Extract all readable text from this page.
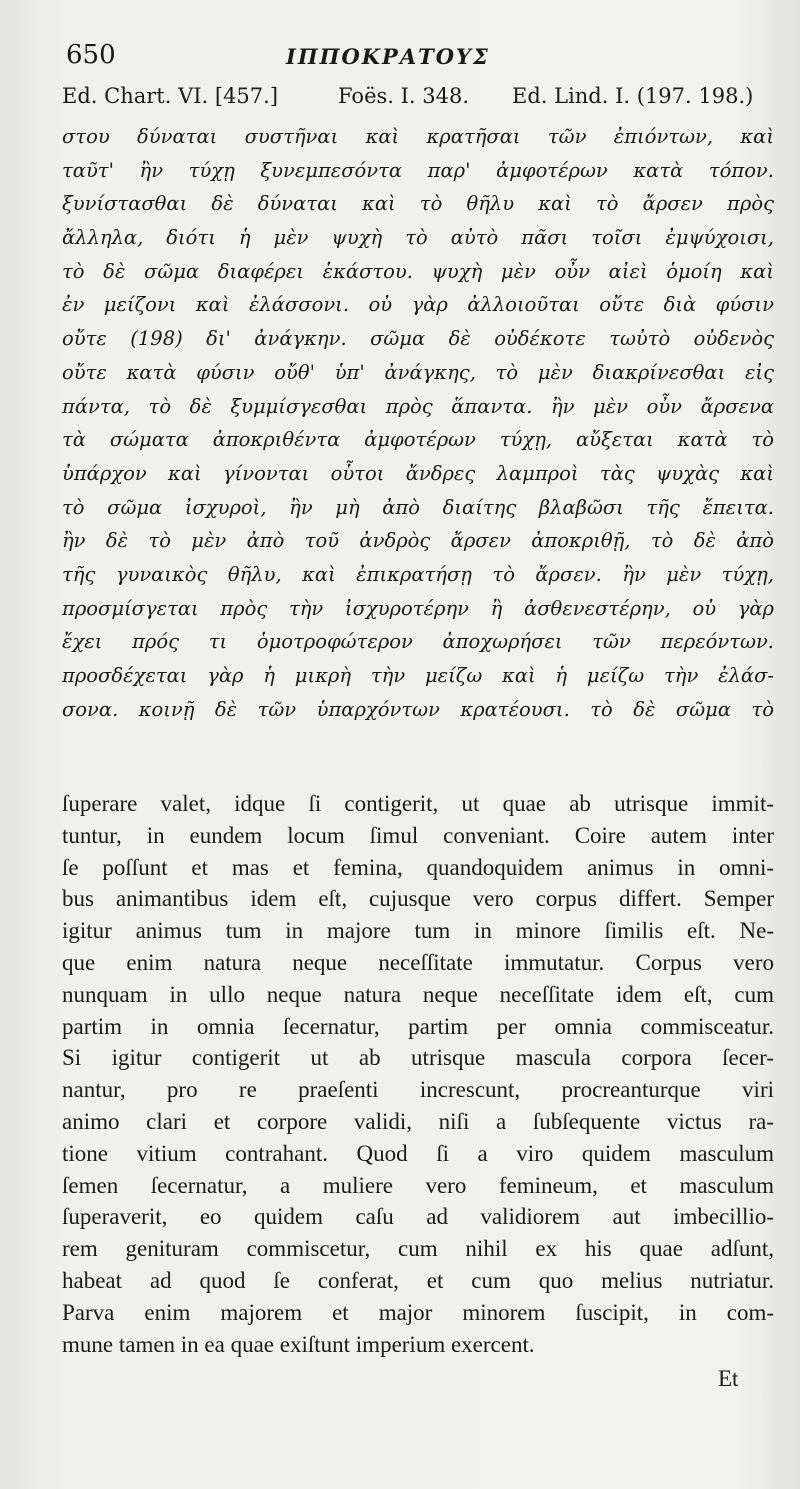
650	ΙΠΠΟΚΡΑΤΟΥΣ
Ed. Chart. VI. [457.]	Foës. I. 348. Ed. Lind. I. (197. 198.)
στου δύναται συστῆναι καὶ κρατῆσαι τῶν ἐπιόντων, καὶ
ταῦτ' ἢν τύχῃ ξυνεμπεσόντα παρ' ἀμφοτέρων κατὰ τόπον.
ξυνίστασθαι δὲ δύναται καὶ τὸ θῆλυ καὶ τὸ ἄρσεν πρὸς
ἄλληλα, διότι ἡ μὲν ψυχὴ τὸ αὐτὸ πᾶσι τοῖσι ἐμψύχοισι,
τὸ δὲ σῶμα διαφέρει ἑκάστου. ψυχὴ μὲν οὖν αἰεὶ ὁμοίη καὶ
ἐν μείζονι καὶ ἐλάσσονι. οὐ γὰρ ἀλλοιοῦται οὔτε διὰ φύσιν
οὔτε (198) δι' ἀνάγκην. σῶμα δὲ οὐδέκοτε τωὐτὸ οὐδενὸς
οὔτε κατὰ φύσιν οὔθ' ὑπ' ἀνάγκης, τὸ μὲν διακρίνεσθαι εἰς
πάντα, τὸ δὲ ξυμμίσγεσθαι πρὸς ἅπαντα. ἢν μὲν οὖν ἄρσενα
τὰ σώματα ἀποκριθέντα ἀμφοτέρων τύχῃ, αὔξεται κατὰ τὸ
ὑπάρχον καὶ γίνονται οὗτοι ἄνδρες λαμπροὶ τὰς ψυχὰς καὶ
τὸ σῶμα ἰσχυροὶ, ἢν μὴ ἀπὸ διαίτης βλαβῶσι τῆς ἔπειτα.
ἢν δὲ τὸ μὲν ἀπὸ τοῦ ἀνδρὸς ἄρσεν ἀποκριθῇ, τὸ δὲ ἀπὸ
τῆς γυναικὸς θῆλυ, καὶ ἐπικρατήσῃ τὸ ἄρσεν. ἢν μὲν τύχῃ,
προσμίσγεται πρὸς τὴν ἰσχυροτέρην ἢ ἀσθενεστέρην, οὐ γὰρ
ἔχει πρός τι ὁμοτροφώτερον ἀποχωρήσει τῶν περεόντων.
προσδέχεται γὰρ ἡ μικρὴ τὴν μείζω καὶ ἡ μείζω τὴν ἐλάσ-
σονα. κοινῇ δὲ τῶν ὑπαρχόντων κρατέουσι. τὸ δὲ σῶμα τὸ
ſuperare valet, idque ſi contigerit, ut quae ab utrisque immit-
tuntur, in eundem locum ſimul conveniant. Coire autem inter
ſe poſſunt et mas et femina, quandoquidem animus in omni-
bus animantibus idem eſt, cujusque vero corpus differt. Semper
igitur animus tum in majore tum in minore ſimilis eſt. Ne-
que enim natura neque neceſſitate immutatur. Corpus vero
nunquam in ullo neque natura neque neceſſitate idem eſt, cum
partim in omnia ſecernatur, partim per omnia commisceatur.
Si igitur contigerit ut ab utrisque mascula corpora ſecer-
nantur, pro re praeſenti increscunt, procreanturque viri
animo clari et corpore validi, niſi a ſubſequente victus ra-
tione vitium contrahant. Quod ſi a viro quidem masculum
ſemen ſecernatur, a muliere vero femineum, et masculum
ſuperaverit, eo quidem caſu ad validiorem aut imbecillio-
rem genituram commiscetur, cum nihil ex his quae adſunt,
habeat ad quod ſe conferat, et cum quo melius nutriatur.
Parva enim majorem et major minorem ſuscipit, in com-
mune tamen in ea quae exiſtunt imperium exercent.
Et
